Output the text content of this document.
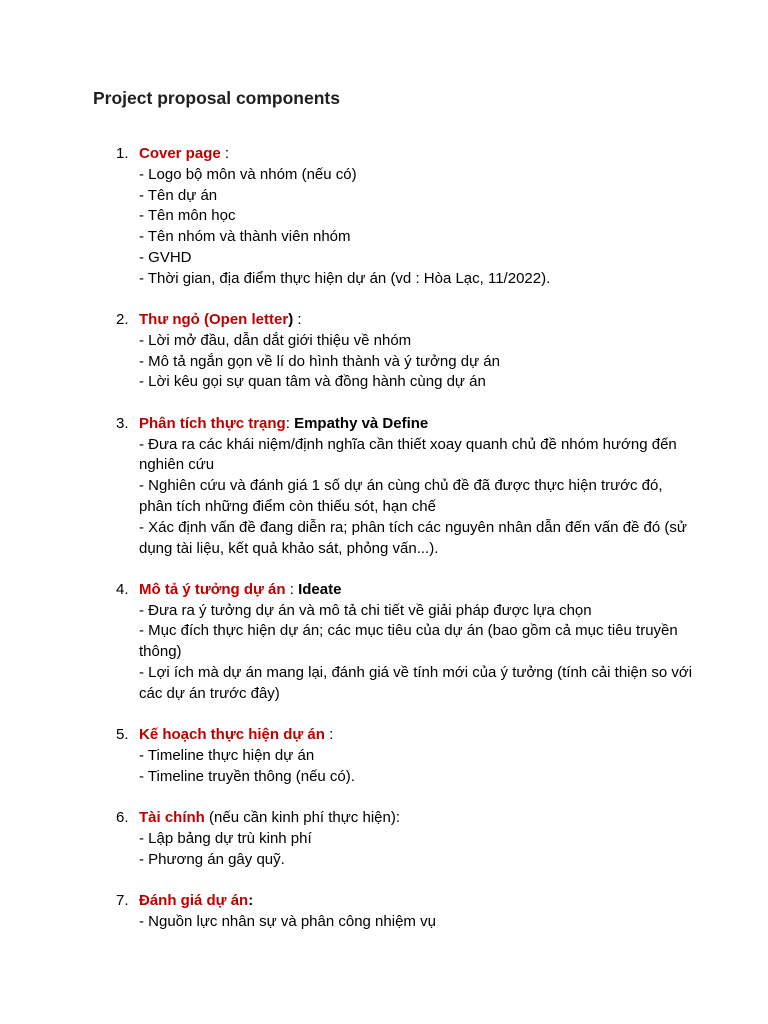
Project proposal components
1. Cover page :
- Logo bộ môn và nhóm (nếu có)
- Tên dự án
- Tên môn học
- Tên nhóm và thành viên nhóm
- GVHD
- Thời gian, địa điểm thực hiện dự án (vd : Hòa Lạc, 11/2022).
2. Thư ngỏ (Open letter) :
- Lời mở đầu, dẫn dắt giới thiệu về nhóm
- Mô tả ngắn gọn về lí do hình thành và ý tưởng dự án
- Lời kêu gọi sự quan tâm và đồng hành cùng dự án
3. Phân tích thực trạng: Empathy và Define
- Đưa ra các khái niệm/định nghĩa cần thiết xoay quanh chủ đề nhóm hướng đến nghiên cứu
- Nghiên cứu và đánh giá 1 số dự án cùng chủ đề đã được thực hiện trước đó, phân tích những điểm còn thiếu sót, hạn chế
- Xác định vấn đề đang diễn ra; phân tích các nguyên nhân dẫn đến vấn đề đó (sử dụng tài liệu, kết quả khảo sát, phỏng vấn...).
4. Mô tả ý tưởng dự án : Ideate
- Đưa ra ý tưởng dự án và mô tả chi tiết về giải pháp được lựa chọn
- Mục đích thực hiện dự án; các mục tiêu của dự án (bao gồm cả mục tiêu truyền thông)
- Lợi ích mà dự án mang lại, đánh giá về tính mới của ý tưởng (tính cải thiện so với các dự án trước đây)
5. Kế hoạch thực hiện dự án :
- Timeline thực hiện dự án
- Timeline truyền thông (nếu có).
6. Tài chính (nếu cần kinh phí thực hiện):
- Lập bảng dự trù kinh phí
- Phương án gây quỹ.
7. Đánh giá dự án:
- Nguồn lực nhân sự và phân công nhiệm vụ
